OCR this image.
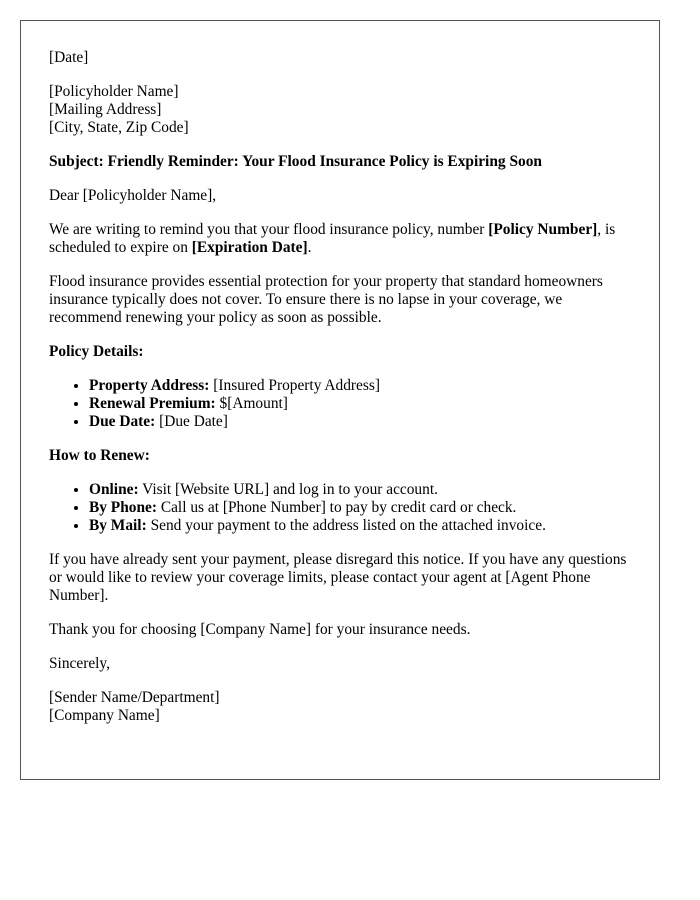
[Date]

[Policyholder Name]
[Mailing Address]
[City, State, Zip Code]

Subject: Friendly Reminder: Your Flood Insurance Policy is Expiring Soon

Dear [Policyholder Name],

We are writing to remind you that your flood insurance policy, number [Policy Number], is scheduled to expire on [Expiration Date].

Flood insurance provides essential protection for your property that standard homeowners insurance typically does not cover. To ensure there is no lapse in your coverage, we recommend renewing your policy as soon as possible.

Policy Details:

• Property Address: [Insured Property Address]
• Renewal Premium: $[Amount]
• Due Date: [Due Date]

How to Renew:

• Online: Visit [Website URL] and log in to your account.
• By Phone: Call us at [Phone Number] to pay by credit card or check.
• By Mail: Send your payment to the address listed on the attached invoice.

If you have already sent your payment, please disregard this notice. If you have any questions or would like to review your coverage limits, please contact your agent at [Agent Phone Number].

Thank you for choosing [Company Name] for your insurance needs.

Sincerely,

[Sender Name/Department]
[Company Name]
